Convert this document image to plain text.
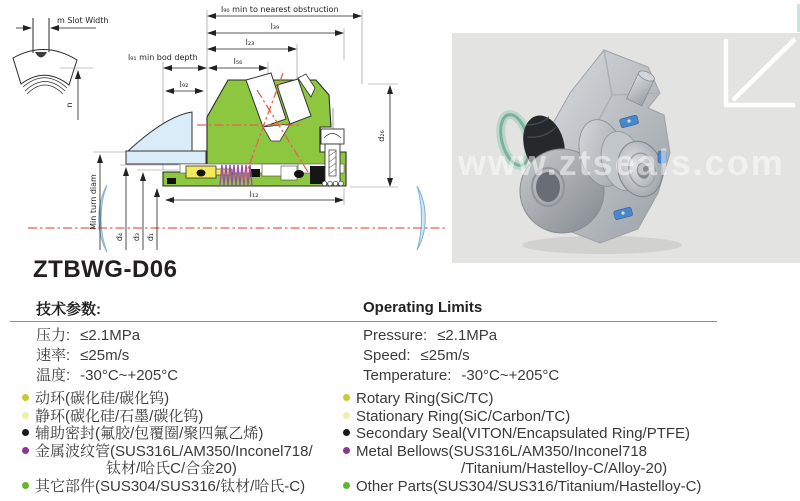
m Slot Width
n
l₉₀ min to nearest obstruction
l₃₉
l₂₃
l₉₁ min bod depth	l₅₆
l₉₂
l₁₂
d₂₆
Min turn diam
d₄ d₃ d₁
www.ztseals.com
ZTBWG-D06
技术参数:	Operating Limits
压力: ≤2.1MPa
速率: ≤25m/s
温度: -30°C~+205°C
Pressure: ≤2.1MPa
Speed: ≤25m/s
Temperature: -30°C~+205°C
动环(碳化硅/碳化钨)
静环(碳化硅/石墨/碳化钨)
辅助密封(氟胶/包覆圈/聚四氟乙烯)
金属波纹管(SUS316L/AM350/Inconel718/
钛材/哈氏C/合金20)
其它部件(SUS304/SUS316/钛材/哈氏-C)
Rotary Ring(SiC/TC)
Stationary Ring(SiC/Carbon/TC)
Secondary Seal(VITON/Encapsulated Ring/PTFE)
Metal Bellows(SUS316L/AM350/Inconel718
/Titanium/Hastelloy-C/Alloy-20)
Other Parts(SUS304/SUS316/Titanium/Hastelloy-C)
